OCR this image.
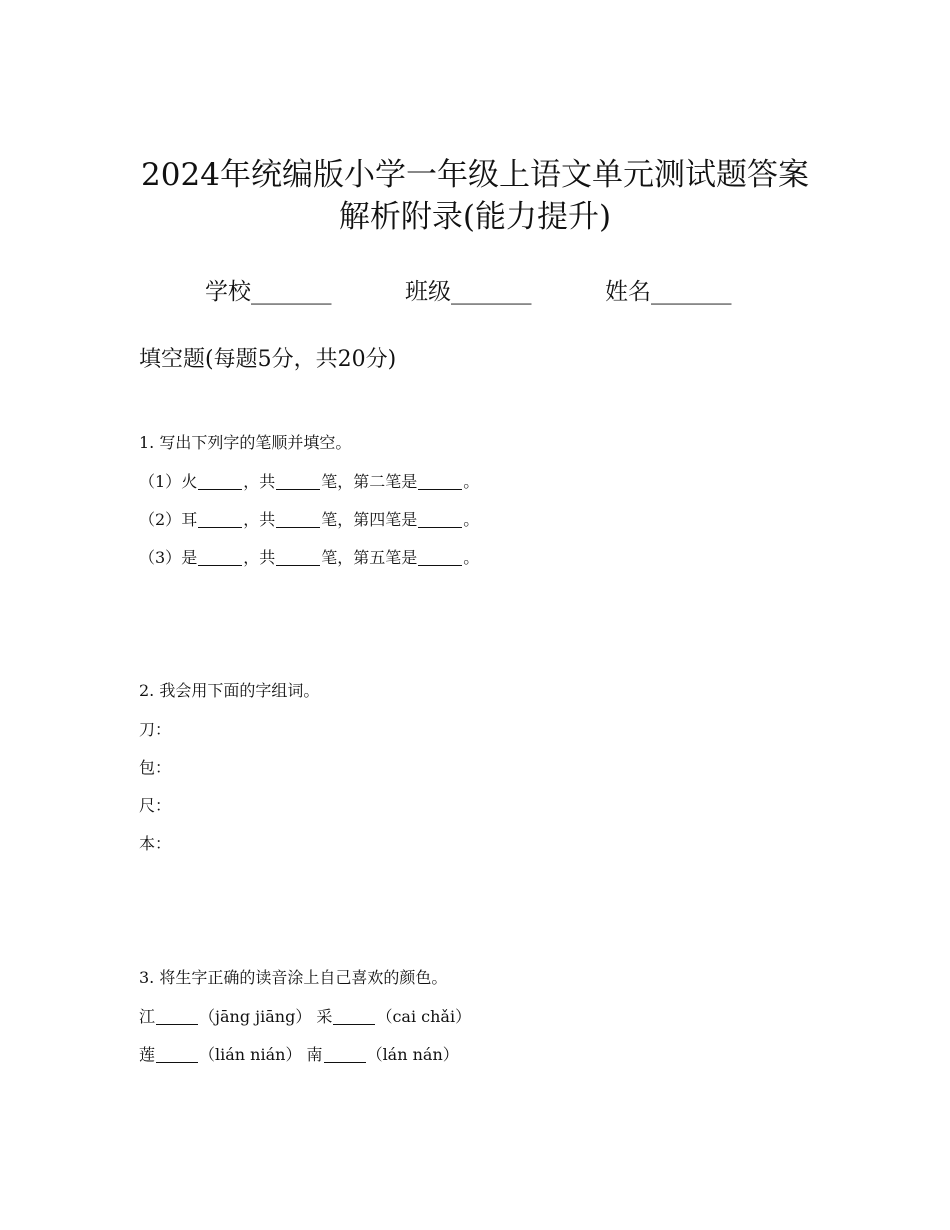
2024年统编版小学一年级上语文单元测试题答案
解析附录(能力提升)
学校_______	班级_______	姓名_______
填空题(每题5分，共20分)
1. 写出下列字的笔顺并填空。
（1）火	，共	笔，第二笔是	。
（2）耳	，共	笔，第四笔是	。
（3）是	，共	笔，第五笔是	。
2. 我会用下面的字组词。
刀：
包：
尺：
本：
3. 将生字正确的读音涂上自己喜欢的颜色。
江	（jāng jiāng） 采	（cai chǎi）
莲	（lián nián） 南	（lán nán）
